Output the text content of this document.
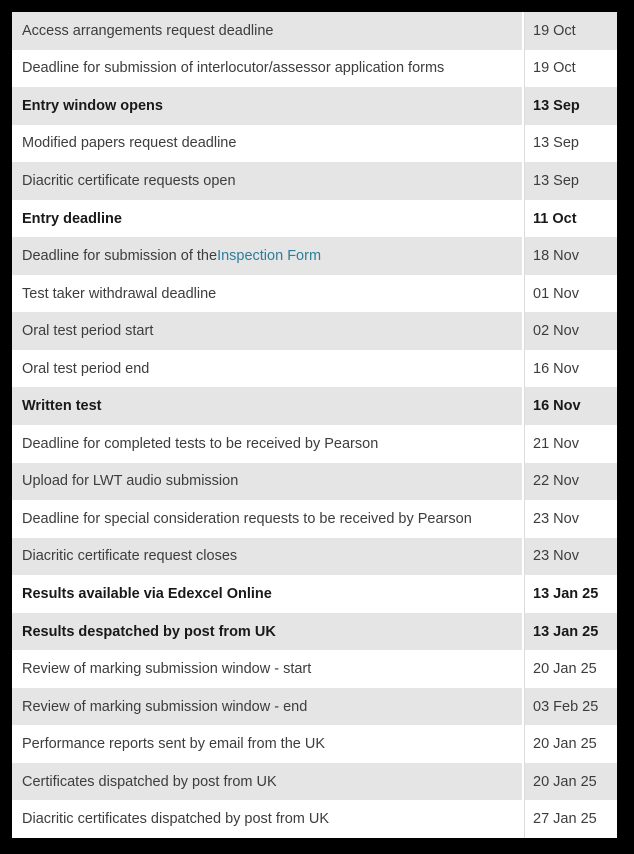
Access arrangements request deadline	19 Oct
Deadline for submission of interlocutor/assessor application forms	19 Oct
Entry window opens	13 Sep
Modified papers request deadline	13 Sep
Diacritic certificate requests open	13 Sep
Entry deadline	11 Oct
Deadline for submission of the Inspection Form	18 Nov
Test taker withdrawal deadline	01 Nov
Oral test period start	02 Nov
Oral test period end	16 Nov
Written test	16 Nov
Deadline for completed tests to be received by Pearson	21 Nov
Upload for LWT audio submission	22 Nov
Deadline for special consideration requests to be received by Pearson	23 Nov
Diacritic certificate request closes	23 Nov
Results available via Edexcel Online	13 Jan 25
Results despatched by post from UK	13 Jan 25
Review of marking submission window - start	20 Jan 25
Review of marking submission window - end	03 Feb 25
Performance reports sent by email from the UK	20 Jan 25
Certificates dispatched by post from UK	20 Jan 25
Diacritic certificates dispatched by post from UK	27 Jan 25
